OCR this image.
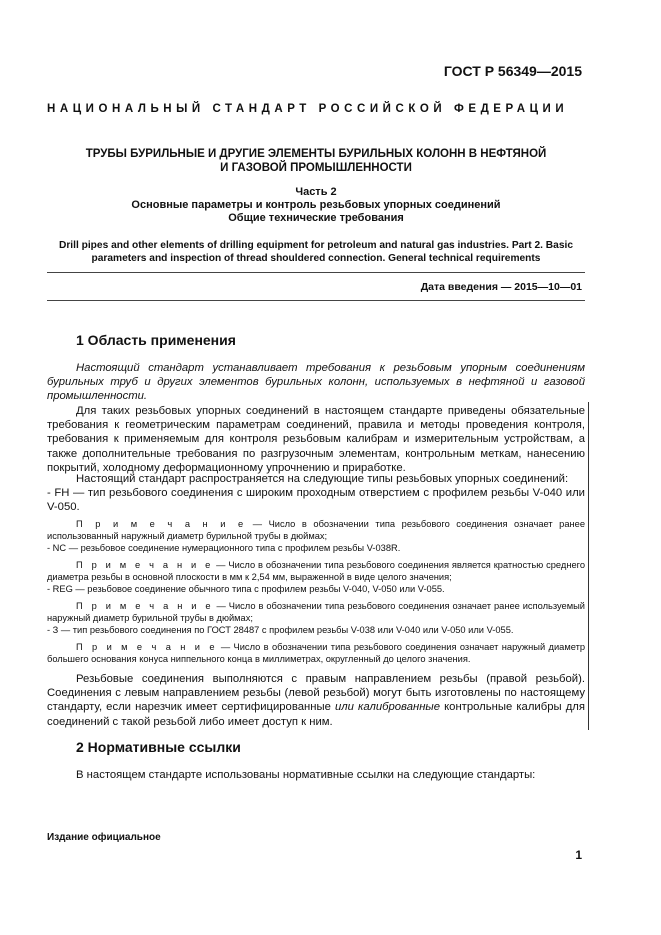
ГОСТ Р 56349—2015
НАЦИОНАЛЬНЫЙ СТАНДАРТ РОССИЙСКОЙ ФЕДЕРАЦИИ
ТРУБЫ БУРИЛЬНЫЕ И ДРУГИЕ ЭЛЕМЕНТЫ БУРИЛЬНЫХ КОЛОНН В НЕФТЯНОЙ
И ГАЗОВОЙ ПРОМЫШЛЕННОСТИ
Часть 2
Основные параметры и контроль резьбовых упорных соединений
Общие технические требования
Drill pipes and other elements of drilling equipment for petroleum and natural gas industries. Part 2. Basic parameters and inspection of thread shouldered connection. General technical requirements
Дата введения — 2015—10—01
1 Область применения
Настоящий стандарт устанавливает требования к резьбовым упорным соединениям бурильных труб и других элементов бурильных колонн, используемых в нефтяной и газовой промышленности.
Для таких резьбовых упорных соединений в настоящем стандарте приведены обязательные требования к геометрическим параметрам соединений, правила и методы проведения контроля, требования к применяемым для контроля резьбовым калибрам и измерительным устройствам, а также дополнительные требования по разгрузочным элементам, контрольным меткам, нанесению покрытий, холодному деформационному упрочнению и приработке.
Настоящий стандарт распространяется на следующие типы резьбовых упорных соединений:
- FH — тип резьбового соединения с широким проходным отверстием с профилем резьбы V-040 или V-050.
П р и м е ч а н и е — Число в обозначении типа резьбового соединения означает ранее использованный наружный диаметр бурильной трубы в дюймах;
- NC — резьбовое соединение нумерационного типа с профилем резьбы V-038R.
П р и м е ч а н и е — Число в обозначении типа резьбового соединения является кратностью среднего диаметра резьбы в основной плоскости в мм к 2,54 мм, выраженной в виде целого значения;
- REG — резьбовое соединение обычного типа с профилем резьбы V-040, V-050 или V-055.
П р и м е ч а н и е — Число в обозначении типа резьбового соединения означает ранее используемый наружный диаметр бурильной трубы в дюймах;
- З — тип резьбового соединения по ГОСТ 28487 с профилем резьбы V-038 или V-040 или V-050 или V-055.
П р и м е ч а н и е — Число в обозначении типа резьбового соединения означает наружный диаметр большего основания конуса ниппельного конца в миллиметрах, округленный до целого значения.
Резьбовые соединения выполняются с правым направлением резьбы (правой резьбой). Соединения с левым направлением резьбы (левой резьбой) могут быть изготовлены по настоящему стандарту, если нарезчик имеет сертифицированные или калиброванные контрольные калибры для соединений с такой резьбой либо имеет доступ к ним.
2 Нормативные ссылки
В настоящем стандарте использованы нормативные ссылки на следующие стандарты:
Издание официальное
1
